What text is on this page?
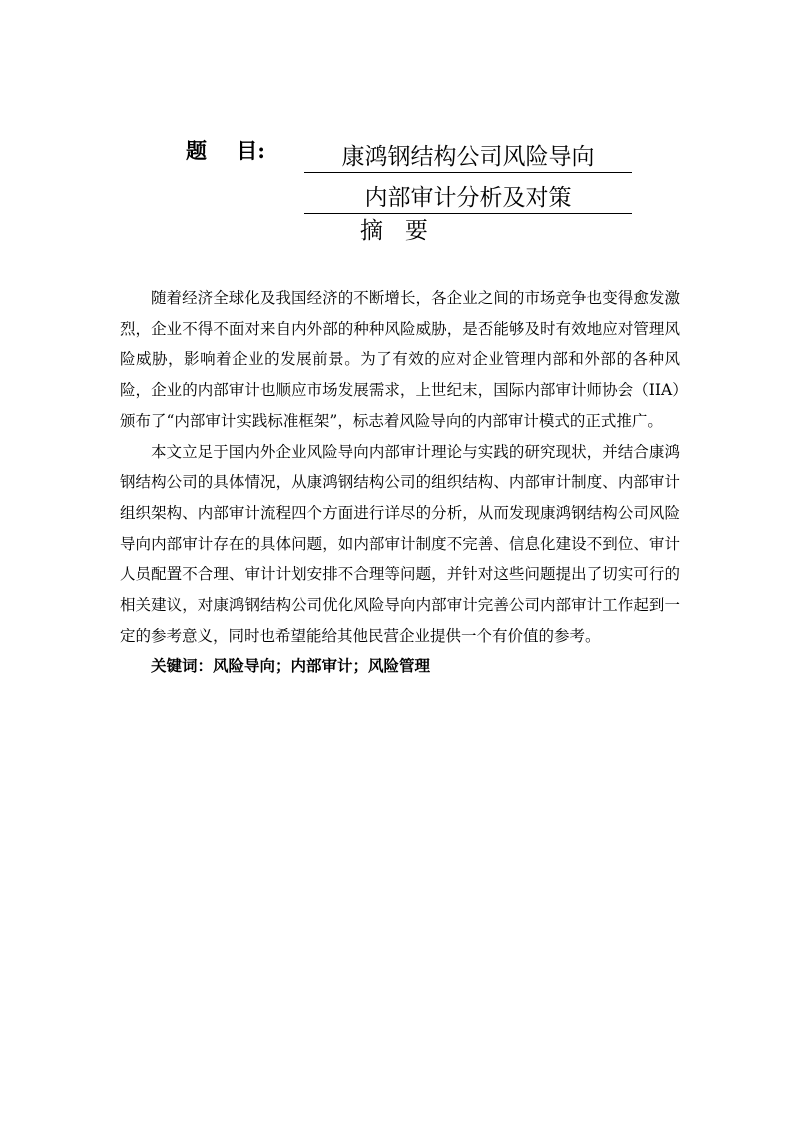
题    目:	康鸿钢结构公司风险导向
内部审计分析及对策
摘   要

随着经济全球化及我国经济的不断增长，各企业之间的市场竞争也变得愈发激烈，企业不得不面对来自内外部的种种风险威胁，是否能够及时有效地应对管理风险威胁，影响着企业的发展前景。为了有效的应对企业管理内部和外部的各种风险，企业的内部审计也顺应市场发展需求，上世纪末，国际内部审计师协会（IIA）颁布了“内部审计实践标准框架”，标志着风险导向的内部审计模式的正式推广。

本文立足于国内外企业风险导向内部审计理论与实践的研究现状，并结合康鸿钢结构公司的具体情况，从康鸿钢结构公司的组织结构、内部审计制度、内部审计组织架构、内部审计流程四个方面进行详尽的分析，从而发现康鸿钢结构公司风险导向内部审计存在的具体问题，如内部审计制度不完善、信息化建设不到位、审计人员配置不合理、审计计划安排不合理等问题，并针对这些问题提出了切实可行的相关建议，对康鸿钢结构公司优化风险导向内部审计完善公司内部审计工作起到一定的参考意义，同时也希望能给其他民营企业提供一个有价值的参考。

关键词：风险导向；内部审计；风险管理
